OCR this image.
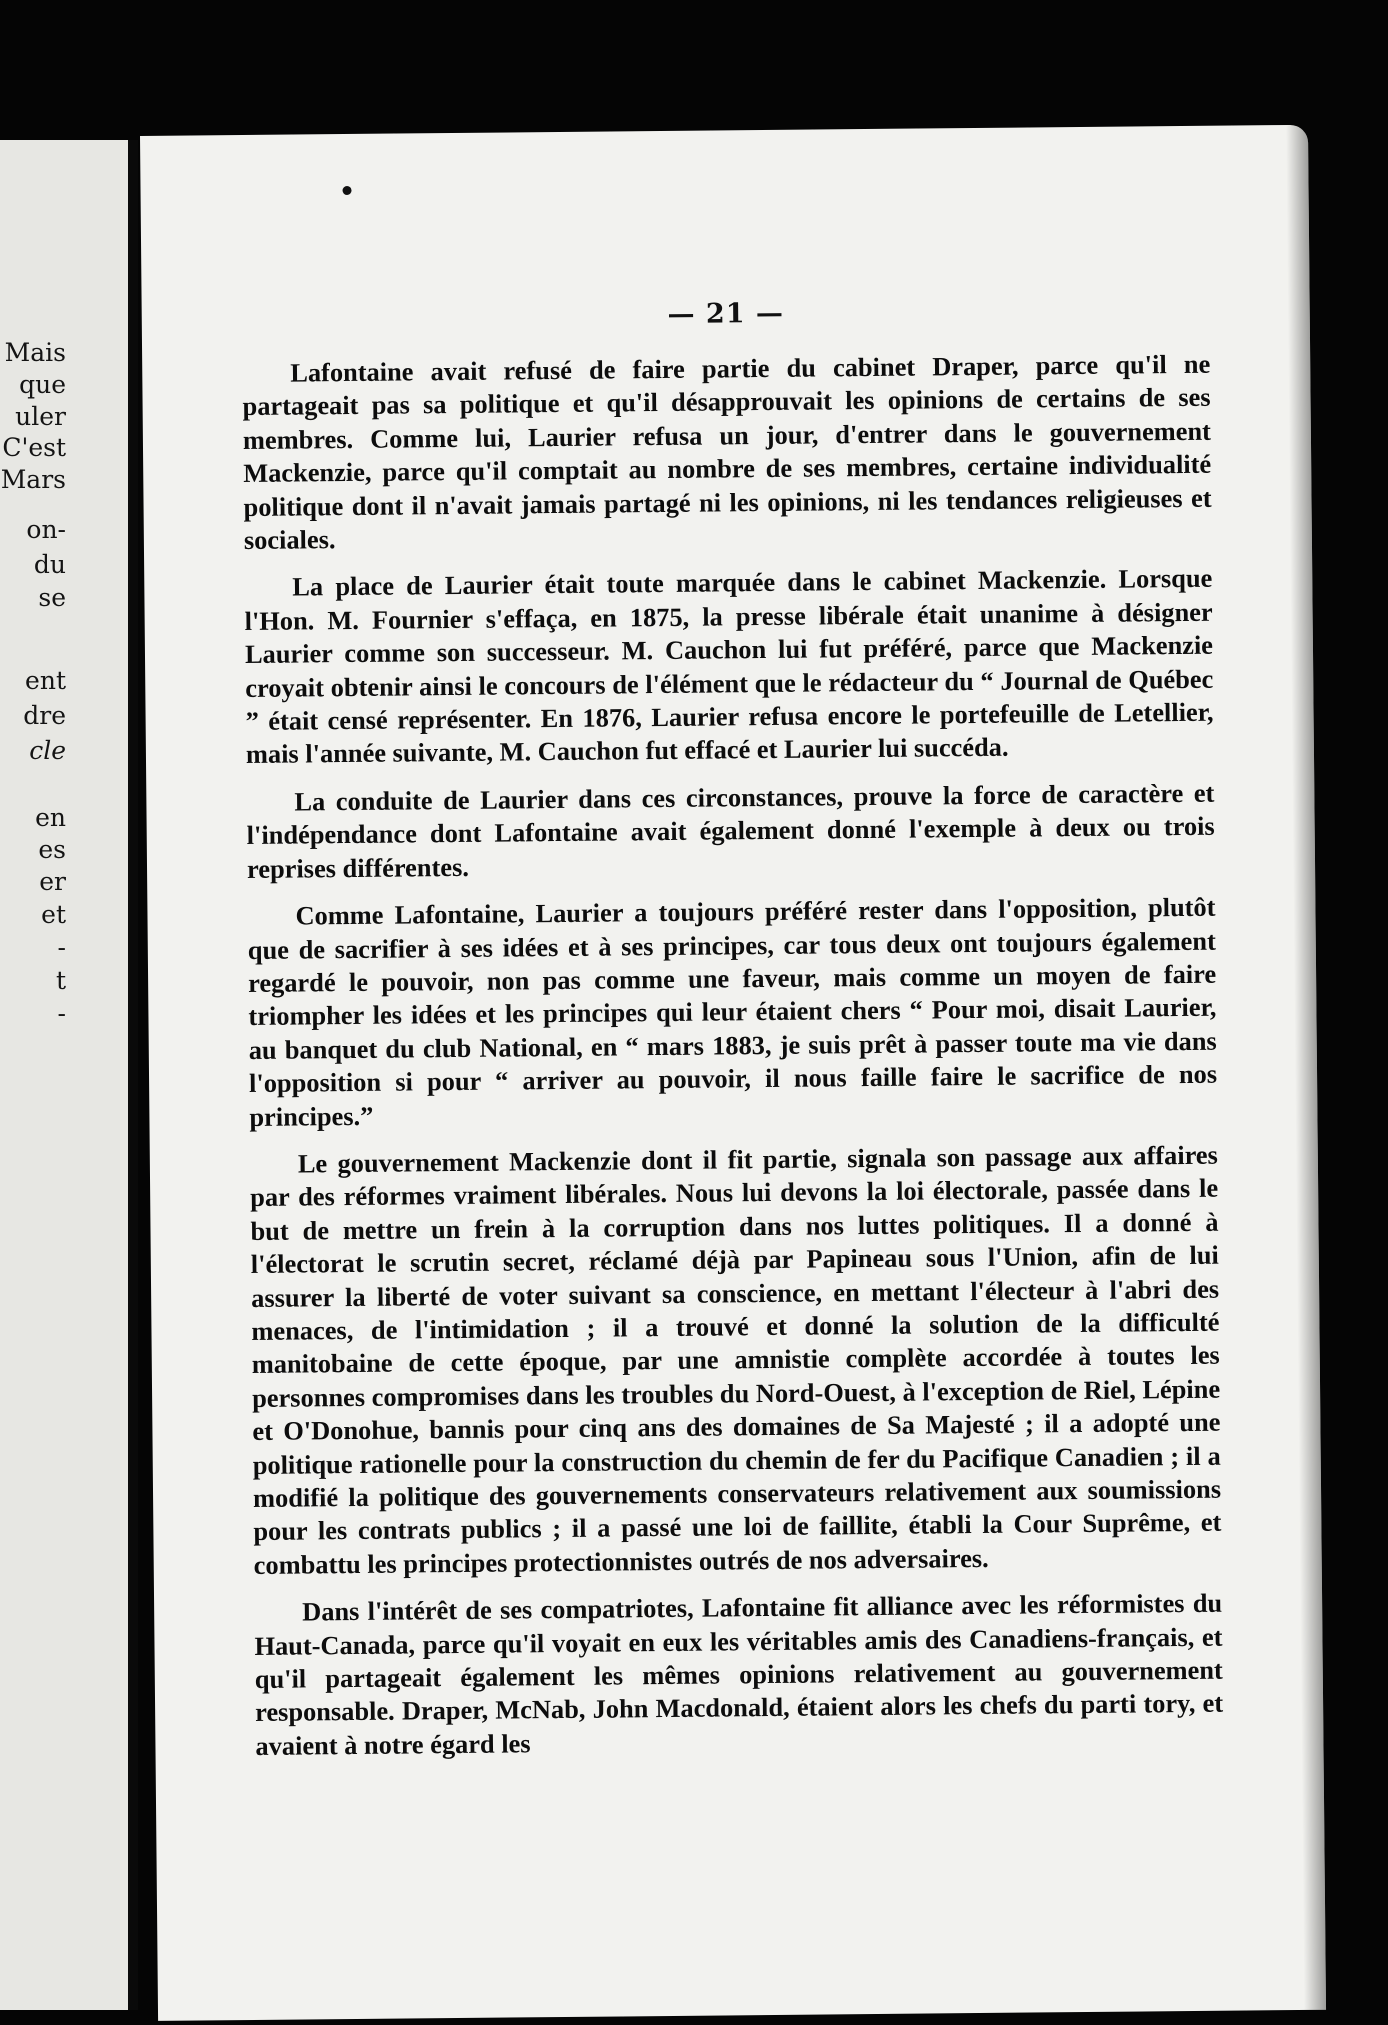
Mais
que
uler
C'est
Mars
on-
du
se
ent
dre
cle
en
es
er
et
-
t
-
— 21 —

Lafontaine avait refusé de faire partie du cabinet Draper, parce qu'il ne partageait pas sa politique et qu'il désapprouvait les opinions de certains de ses membres. Comme lui, Laurier refusa un jour, d'entrer dans le gouvernement Mackenzie, parce qu'il comptait au nombre de ses membres, certaine individualité politique dont il n'avait jamais partagé ni les opinions, ni les tendances religieuses et sociales.

La place de Laurier était toute marquée dans le cabinet Mackenzie. Lorsque l'Hon. M. Fournier s'effaça, en 1875, la presse libérale était unanime à désigner Laurier comme son successeur. M. Cauchon lui fut préféré, parce que Mackenzie croyait obtenir ainsi le concours de l'élément que le rédacteur du “ Journal de Québec ” était censé représenter. En 1876, Laurier refusa encore le portefeuille de Letellier, mais l'année suivante, M. Cauchon fut effacé et Laurier lui succéda.

La conduite de Laurier dans ces circonstances, prouve la force de caractère et l'indépendance dont Lafontaine avait également donné l'exemple à deux ou trois reprises différentes.

Comme Lafontaine, Laurier a toujours préféré rester dans l'opposition, plutôt que de sacrifier à ses idées et à ses principes, car tous deux ont toujours également regardé le pouvoir, non pas comme une faveur, mais comme un moyen de faire triompher les idées et les principes qui leur étaient chers “ Pour moi, disait Laurier, au banquet du club National, en “ mars 1883, je suis prêt à passer toute ma vie dans l'opposition si pour “ arriver au pouvoir, il nous faille faire le sacrifice de nos principes.”

Le gouvernement Mackenzie dont il fit partie, signala son passage aux affaires par des réformes vraiment libérales. Nous lui devons la loi électorale, passée dans le but de mettre un frein à la corruption dans nos luttes politiques. Il a donné à l'électorat le scrutin secret, réclamé déjà par Papineau sous l'Union, afin de lui assurer la liberté de voter suivant sa conscience, en mettant l'électeur à l'abri des menaces, de l'intimidation ; il a trouvé et donné la solution de la difficulté manitobaine de cette époque, par une amnistie complète accordée à toutes les personnes compromises dans les troubles du Nord-Ouest, à l'exception de Riel, Lépine et O'Donohue, bannis pour cinq ans des domaines de Sa Majesté ; il a adopté une politique rationelle pour la construction du chemin de fer du Pacifique Canadien ; il a modifié la politique des gouvernements conservateurs relativement aux soumissions pour les contrats publics ; il a passé une loi de faillite, établi la Cour Suprême, et combattu les principes protectionnistes outrés de nos adversaires.

Dans l'intérêt de ses compatriotes, Lafontaine fit alliance avec les réformistes du Haut-Canada, parce qu'il voyait en eux les véritables amis des Canadiens-français, et qu'il partageait également les mêmes opinions relativement au gouvernement responsable. Draper, McNab, John Macdonald, étaient alors les chefs du parti tory, et avaient à notre égard les
